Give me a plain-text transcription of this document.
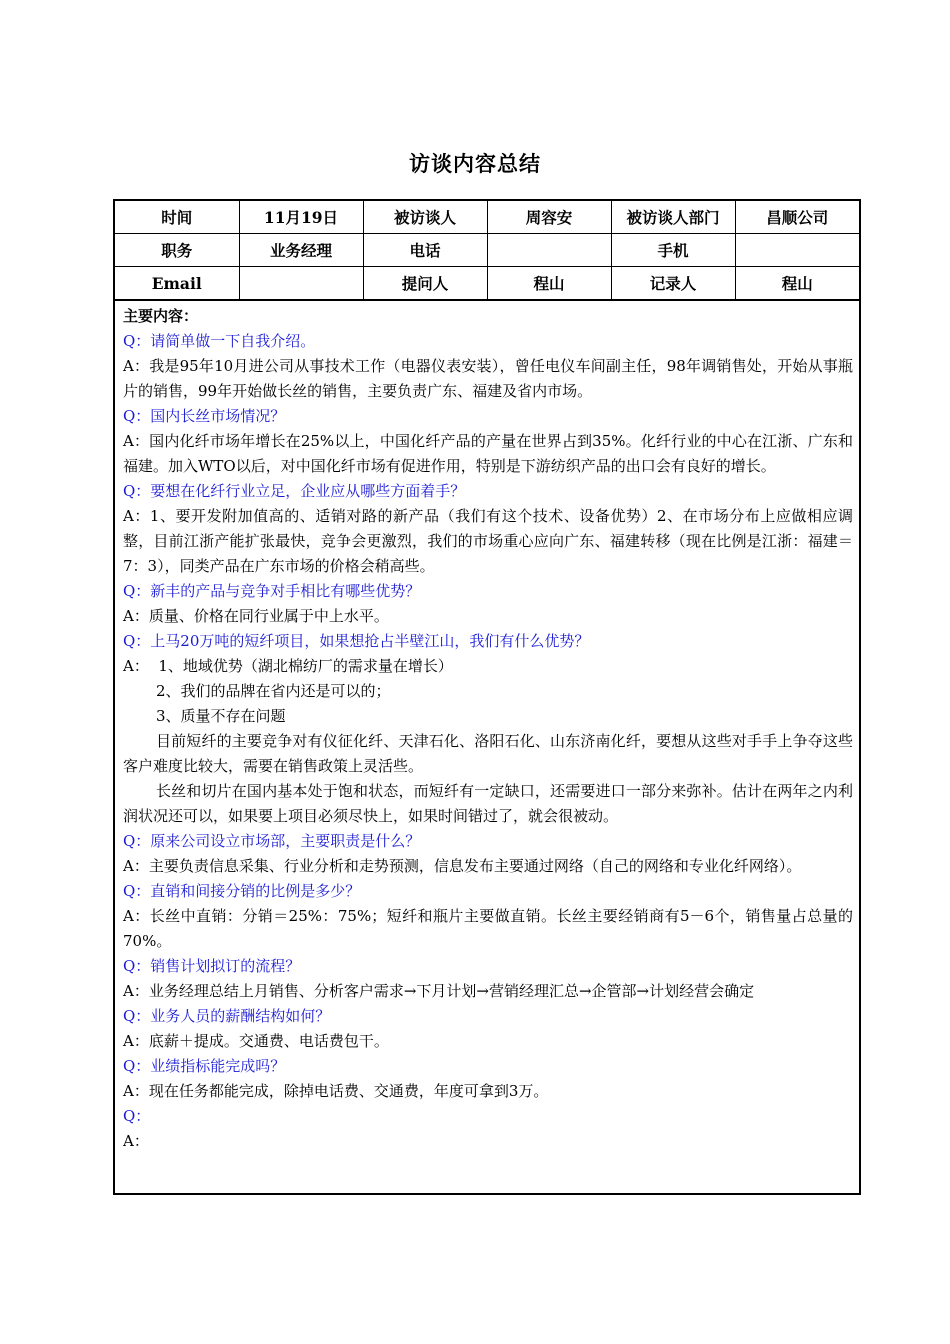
访谈内容总结
时间	11月19日	被访谈人	周容安	被访谈人部门	昌顺公司
职务	业务经理	电话		手机	
Email		提问人	程山	记录人	程山

主要内容：

Q：请简单做一下自我介绍。

A：我是95年10月进公司从事技术工作（电器仪表安装），曾任电仪车间副主任，98年调销售处，开始从事瓶片的销售，99年开始做长丝的销售，主要负责广东、福建及省内市场。

Q：国内长丝市场情况？

A：国内化纤市场年增长在25%以上，中国化纤产品的产量在世界占到35%。化纤行业的中心在江浙、广东和福建。加入WTO以后，对中国化纤市场有促进作用，特别是下游纺织产品的出口会有良好的增长。

Q：要想在化纤行业立足，企业应从哪些方面着手？

A：1、要开发附加值高的、适销对路的新产品（我们有这个技术、设备优势）2、在市场分布上应做相应调整，目前江浙产能扩张最快，竞争会更激烈，我们的市场重心应向广东、福建转移（现在比例是江浙：福建＝7：3），同类产品在广东市场的价格会稍高些。

Q：新丰的产品与竞争对手相比有哪些优势？

A：质量、价格在同行业属于中上水平。

Q：上马20万吨的短纤项目，如果想抢占半壁江山，我们有什么优势？

A：  1、地域优势（湖北棉纺厂的需求量在增长）

2、我们的品牌在省内还是可以的；

3、质量不存在问题

目前短纤的主要竞争对有仪征化纤、天津石化、洛阳石化、山东济南化纤，要想从这些对手手上争夺这些客户难度比较大，需要在销售政策上灵活些。

长丝和切片在国内基本处于饱和状态，而短纤有一定缺口，还需要进口一部分来弥补。估计在两年之内利润状况还可以，如果要上项目必须尽快上，如果时间错过了，就会很被动。

Q：原来公司设立市场部，主要职责是什么？

A：主要负责信息采集、行业分析和走势预测，信息发布主要通过网络（自己的网络和专业化纤网络）。

Q：直销和间接分销的比例是多少？

A：长丝中直销：分销＝25%：75%；短纤和瓶片主要做直销。长丝主要经销商有5－6个，销售量占总量的70%。

Q：销售计划拟订的流程？

A：业务经理总结上月销售、分析客户需求→下月计划→营销经理汇总→企管部→计划经营会确定

Q：业务人员的薪酬结构如何？

A：底薪＋提成。交通费、电话费包干。

Q：业绩指标能完成吗？

A：现在任务都能完成，除掉电话费、交通费，年度可拿到3万。

Q：

A：
